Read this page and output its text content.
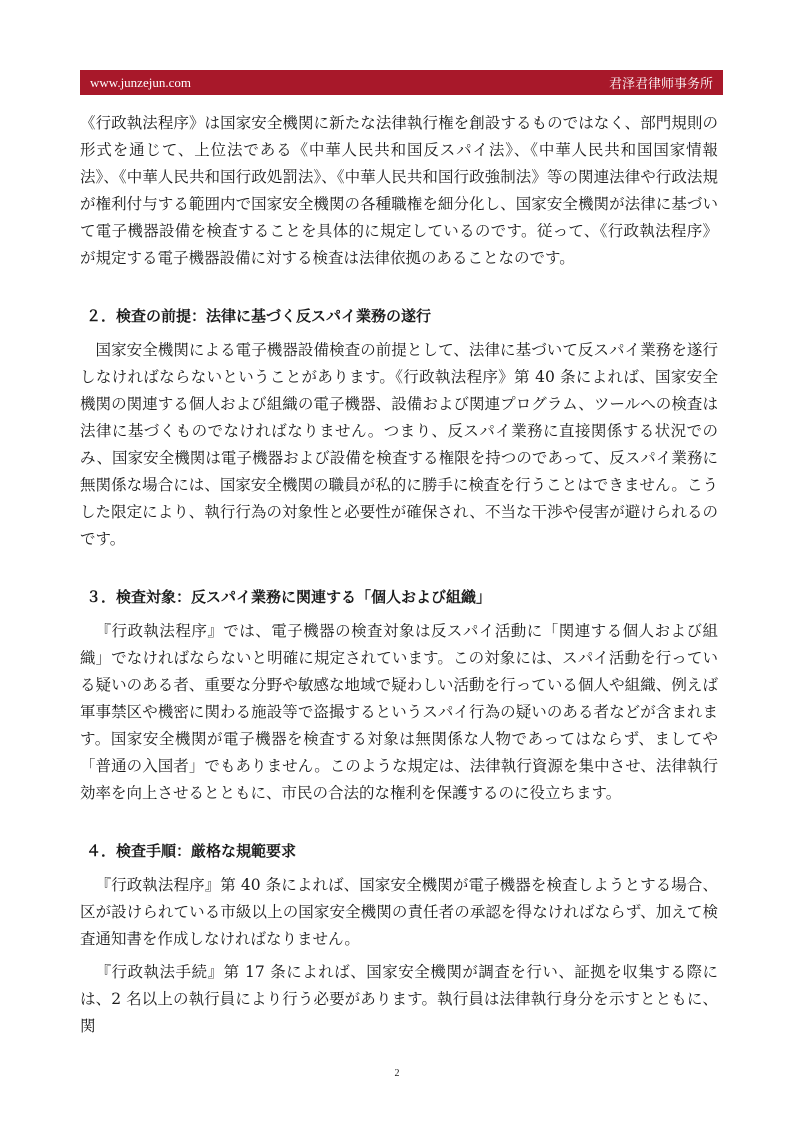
www.junzejun.com	君泽君律师事务所

《行政執法程序》は国家安全機関に新たな法律執行権を創設するものではなく、部門規則の形式を通じて、上位法である《中華人民共和国反スパイ法》、《中華人民共和国国家情報法》、《中華人民共和国行政処罰法》、《中華人民共和国行政強制法》等の関連法律や行政法規が権利付与する範囲内で国家安全機関の各種職権を細分化し、国家安全機関が法律に基づいて電子機器設備を検査することを具体的に規定しているのです。従って、《行政執法程序》が規定する電子機器設備に対する検査は法律依拠のあることなのです。

２．検査の前提：法律に基づく反スパイ業務の遂行

国家安全機関による電子機器設備検査の前提として、法律に基づいて反スパイ業務を遂行しなければならないということがあります。《行政執法程序》第 40 条によれば、国家安全機関の関連する個人および組織の電子機器、設備および関連プログラム、ツールへの検査は法律に基づくものでなければなりません。つまり、反スパイ業務に直接関係する状況でのみ、国家安全機関は電子機器および設備を検査する権限を持つのであって、反スパイ業務に無関係な場合には、国家安全機関の職員が私的に勝手に検査を行うことはできません。こうした限定により、執行行為の対象性と必要性が確保され、不当な干渉や侵害が避けられるのです。

３．検査対象：反スパイ業務に関連する「個人および組織」

『行政執法程序』では、電子機器の検査対象は反スパイ活動に「関連する個人および組織」でなければならないと明確に規定されています。この対象には、スパイ活動を行っている疑いのある者、重要な分野や敏感な地域で疑わしい活動を行っている個人や組織、例えば軍事禁区や機密に関わる施設等で盗撮するというスパイ行為の疑いのある者などが含まれます。国家安全機関が電子機器を検査する対象は無関係な人物であってはならず、ましてや「普通の入国者」でもありません。このような規定は、法律執行資源を集中させ、法律執行効率を向上させるとともに、市民の合法的な権利を保護するのに役立ちます。

４．検査手順：厳格な規範要求

『行政執法程序』第 40 条によれば、国家安全機関が電子機器を検査しようとする場合、区が設けられている市級以上の国家安全機関の責任者の承認を得なければならず、加えて検査通知書を作成しなければなりません。

『行政執法手続』第 17 条によれば、国家安全機関が調査を行い、証拠を収集する際には、2 名以上の執行員により行う必要があります。執行員は法律執行身分を示すとともに、関

2
